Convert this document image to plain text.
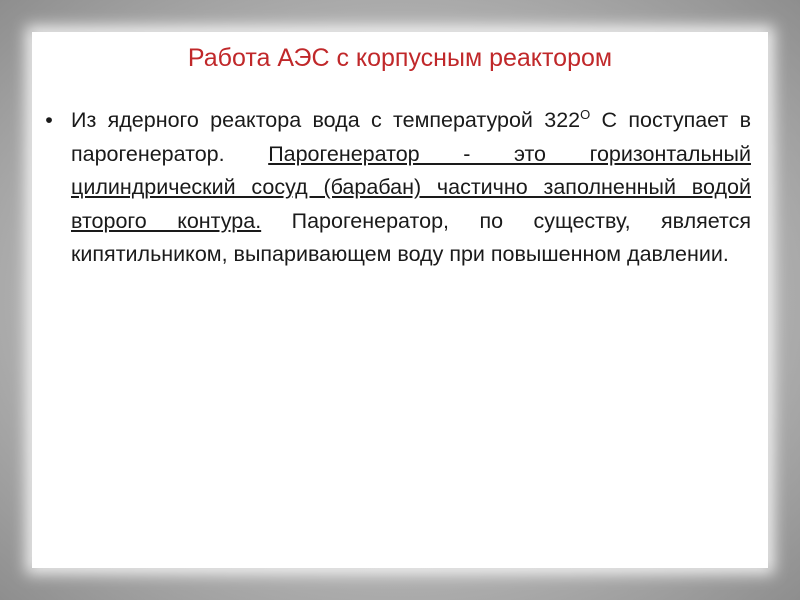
Работа АЭС с корпусным реактором
• Из ядерного реактора вода с температурой $322^О$ С поступает в парогенератор. Парогенератор - это горизонтальный цилиндрический сосуд (барабан) частично заполненный водой второго контура. Парогенератор, по существу, является кипятильником, выпаривающем воду при повышенном давлении.
